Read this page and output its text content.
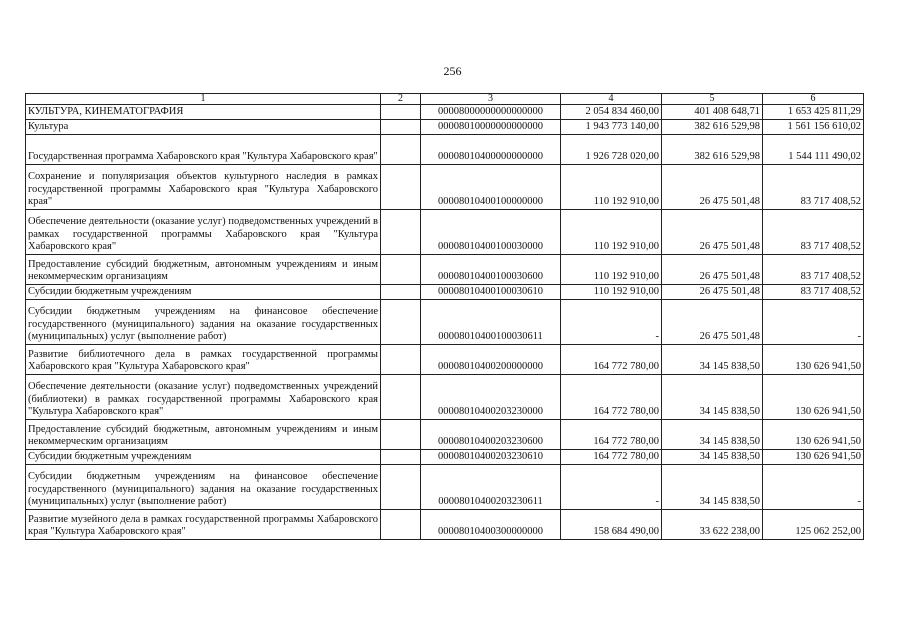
256
1	2	3	4	5	6
КУЛЬТУРА, КИНЕМАТОГРАФИЯ		00008000000000000000	2 054 834 460,00	401 408 648,71	1 653 425 811,29
Культура		00008010000000000000	1 943 773 140,00	382 616 529,98	1 561 156 610,02
Государственная программа Хабаровского края "Культура Хабаровского края"		00008010400000000000	1 926 728 020,00	382 616 529,98	1 544 111 490,02
Сохранение и популяризация объектов культурного наследия в рамках государственной программы Хабаровского края "Культура Хабаровского края"		00008010400100000000	110 192 910,00	26 475 501,48	83 717 408,52
Обеспечение деятельности (оказание услуг) подведомственных учреждений в рамках государственной программы Хабаровского края "Культура Хабаровского края"		00008010400100030000	110 192 910,00	26 475 501,48	83 717 408,52
Предоставление субсидий бюджетным, автономным учреждениям и иным некоммерческим организациям		00008010400100030600	110 192 910,00	26 475 501,48	83 717 408,52
Субсидии бюджетным учреждениям		00008010400100030610	110 192 910,00	26 475 501,48	83 717 408,52
Субсидии бюджетным учреждениям на финансовое обеспечение государственного (муниципального) задания на оказание государственных (муниципальных) услуг (выполнение работ)		00008010400100030611	-	26 475 501,48	-
Развитие библиотечного дела в рамках государственной программы Хабаровского края "Культура Хабаровского края"		00008010400200000000	164 772 780,00	34 145 838,50	130 626 941,50
Обеспечение деятельности (оказание услуг) подведомственных учреждений (библиотеки) в рамках государственной программы Хабаровского края "Культура Хабаровского края"		00008010400203230000	164 772 780,00	34 145 838,50	130 626 941,50
Предоставление субсидий бюджетным, автономным учреждениям и иным некоммерческим организациям		00008010400203230600	164 772 780,00	34 145 838,50	130 626 941,50
Субсидии бюджетным учреждениям		00008010400203230610	164 772 780,00	34 145 838,50	130 626 941,50
Субсидии бюджетным учреждениям на финансовое обеспечение государственного (муниципального) задания на оказание государственных (муниципальных) услуг (выполнение работ)		00008010400203230611	-	34 145 838,50	-
Развитие музейного дела в рамках государственной программы Хабаровского края "Культура Хабаровского края"		00008010400300000000	158 684 490,00	33 622 238,00	125 062 252,00
